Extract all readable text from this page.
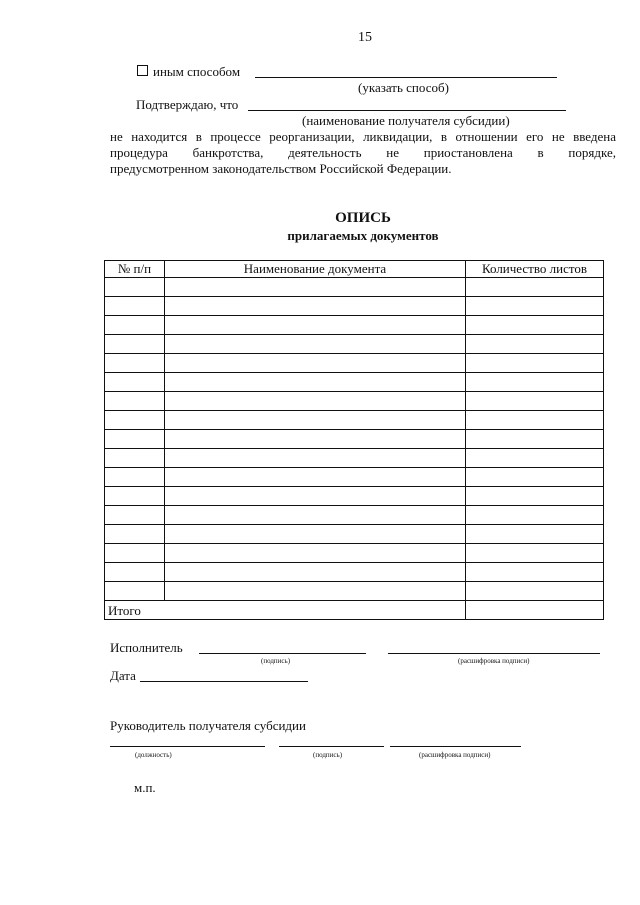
15
иным способом
(указать способ)
Подтверждаю, что
(наименование получателя субсидии)
не находится в процессе реорганизации, ликвидации, в отношении его не введена
процедура банкротства, деятельность не приостановлена в порядке,
предусмотренном законодательством Российской Федерации.
ОПИСЬ
прилагаемых документов
№ п/п	Наименование документа	Количество листов

Итого		
Исполнитель
(подпись)	(расшифровка подписи)
Дата
Руководитель получателя субсидии
(должность)	(подпись)	(расшифровка подписи)
м.п.
